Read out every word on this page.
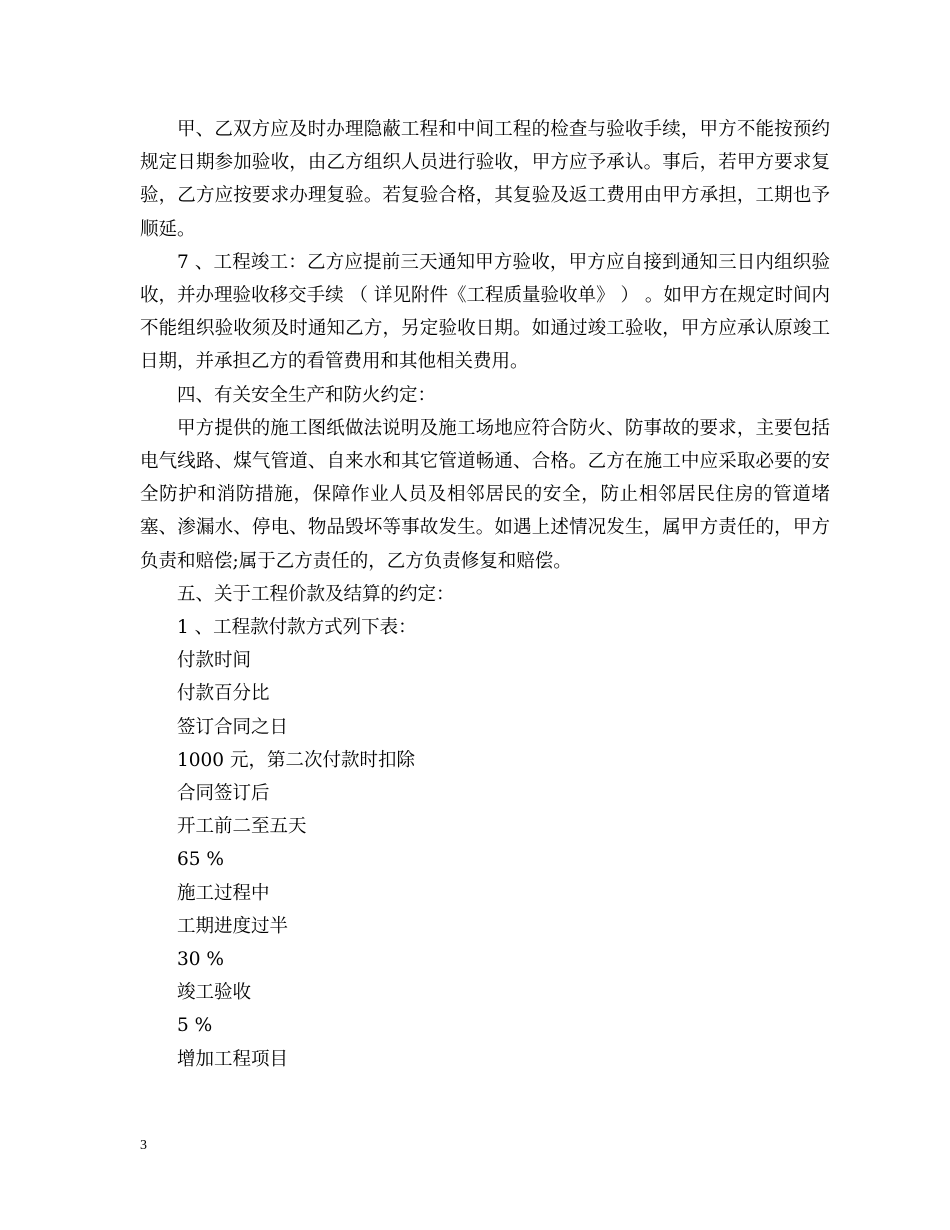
甲、乙双方应及时办理隐蔽工程和中间工程的检查与验收手续，甲方不能按预约规定日期参加验收，由乙方组织人员进行验收，甲方应予承认。事后，若甲方要求复验，乙方应按要求办理复验。若复验合格，其复验及返工费用由甲方承担，工期也予顺延。

7 、工程竣工：乙方应提前三天通知甲方验收，甲方应自接到通知三日内组织验收，并办理验收移交手续 （ 详见附件《工程质量验收单》 ） 。如甲方在规定时间内不能组织验收须及时通知乙方，另定验收日期。如通过竣工验收，甲方应承认原竣工日期，并承担乙方的看管费用和其他相关费用。

四、有关安全生产和防火约定：

甲方提供的施工图纸做法说明及施工场地应符合防火、防事故的要求，主要包括电气线路、煤气管道、自来水和其它管道畅通、合格。乙方在施工中应采取必要的安全防护和消防措施，保障作业人员及相邻居民的安全，防止相邻居民住房的管道堵塞、渗漏水、停电、物品毁坏等事故发生。如遇上述情况发生，属甲方责任的，甲方负责和赔偿;属于乙方责任的，乙方负责修复和赔偿。

五、关于工程价款及结算的约定：

1 、工程款付款方式列下表：

付款时间

付款百分比

签订合同之日

1000 元，第二次付款时扣除

合同签订后

开工前二至五天

65 %

施工过程中

工期进度过半

30 %

竣工验收

5 %

增加工程项目

3
